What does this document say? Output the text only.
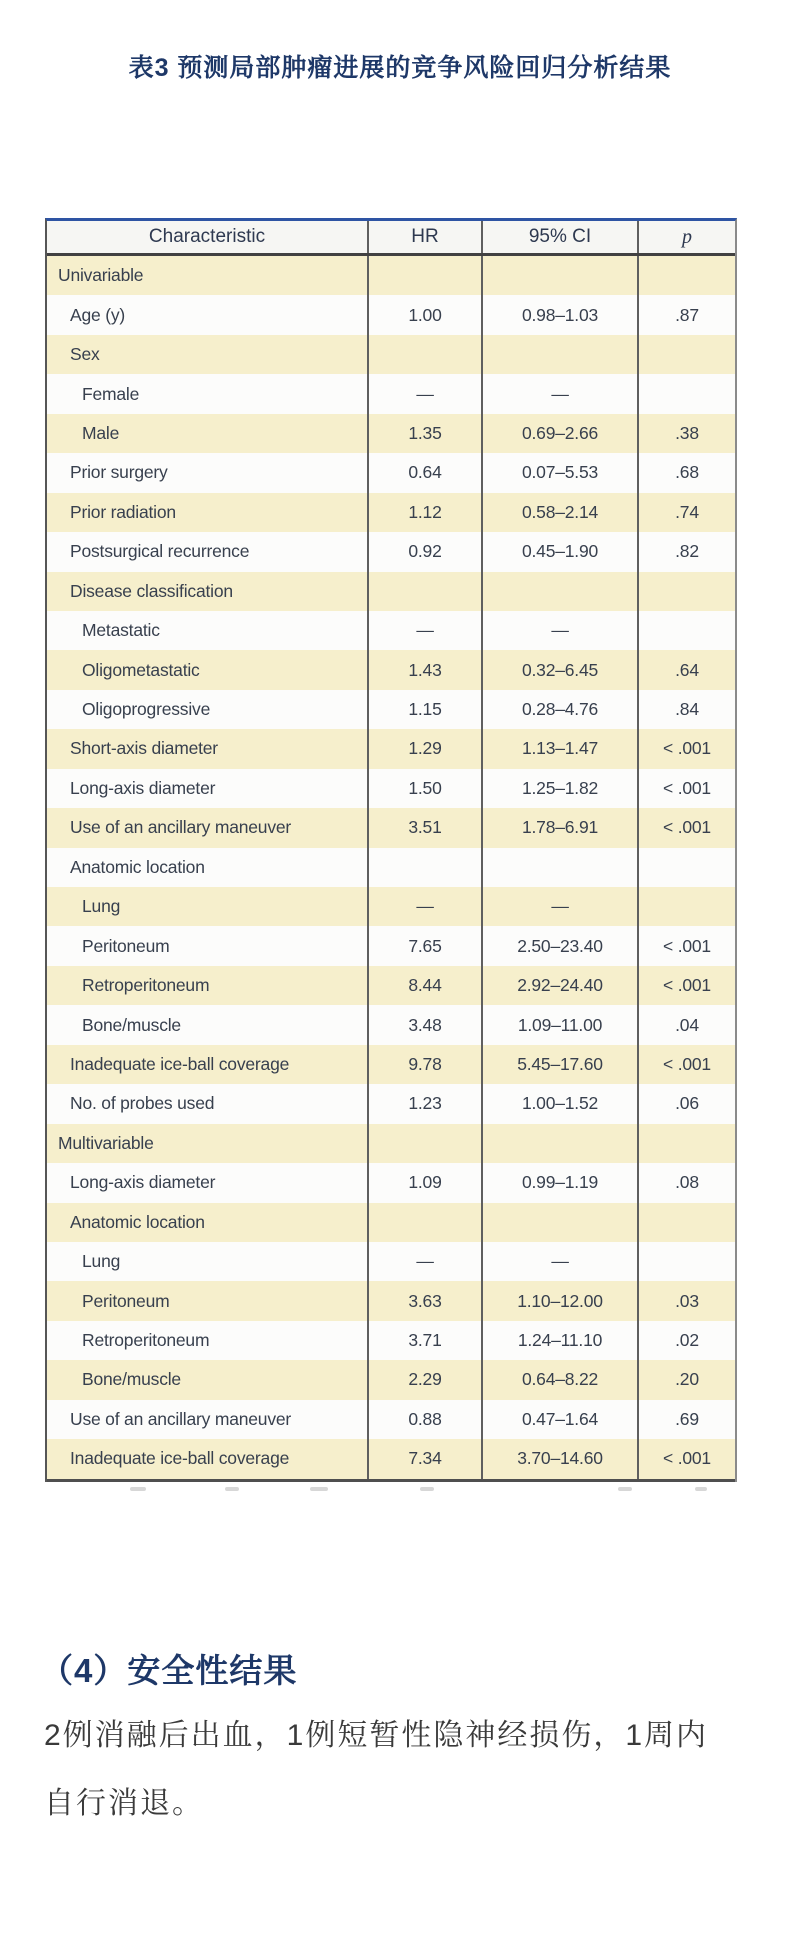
表3 预测局部肿瘤进展的竞争风险回归分析结果
Characteristic	HR	95% CI	p
Univariable
Age (y)	1.00	0.98–1.03	.87
Sex
Female	—	—
Male	1.35	0.69–2.66	.38
Prior surgery	0.64	0.07–5.53	.68
Prior radiation	1.12	0.58–2.14	.74
Postsurgical recurrence	0.92	0.45–1.90	.82
Disease classification
Metastatic	—	—
Oligometastatic	1.43	0.32–6.45	.64
Oligoprogressive	1.15	0.28–4.76	.84
Short-axis diameter	1.29	1.13–1.47	< .001
Long-axis diameter	1.50	1.25–1.82	< .001
Use of an ancillary maneuver	3.51	1.78–6.91	< .001
Anatomic location
Lung	—	—
Peritoneum	7.65	2.50–23.40	< .001
Retroperitoneum	8.44	2.92–24.40	< .001
Bone/muscle	3.48	1.09–11.00	.04
Inadequate ice-ball coverage	9.78	5.45–17.60	< .001
No. of probes used	1.23	1.00–1.52	.06
Multivariable
Long-axis diameter	1.09	0.99–1.19	.08
Anatomic location
Lung	—	—
Peritoneum	3.63	1.10–12.00	.03
Retroperitoneum	3.71	1.24–11.10	.02
Bone/muscle	2.29	0.64–8.22	.20
Use of an ancillary maneuver	0.88	0.47–1.64	.69
Inadequate ice-ball coverage	7.34	3.70–14.60	< .001
（4）安全性结果
2例消融后出血，1例短暂性隐神经损伤，1周内
自行消退。
